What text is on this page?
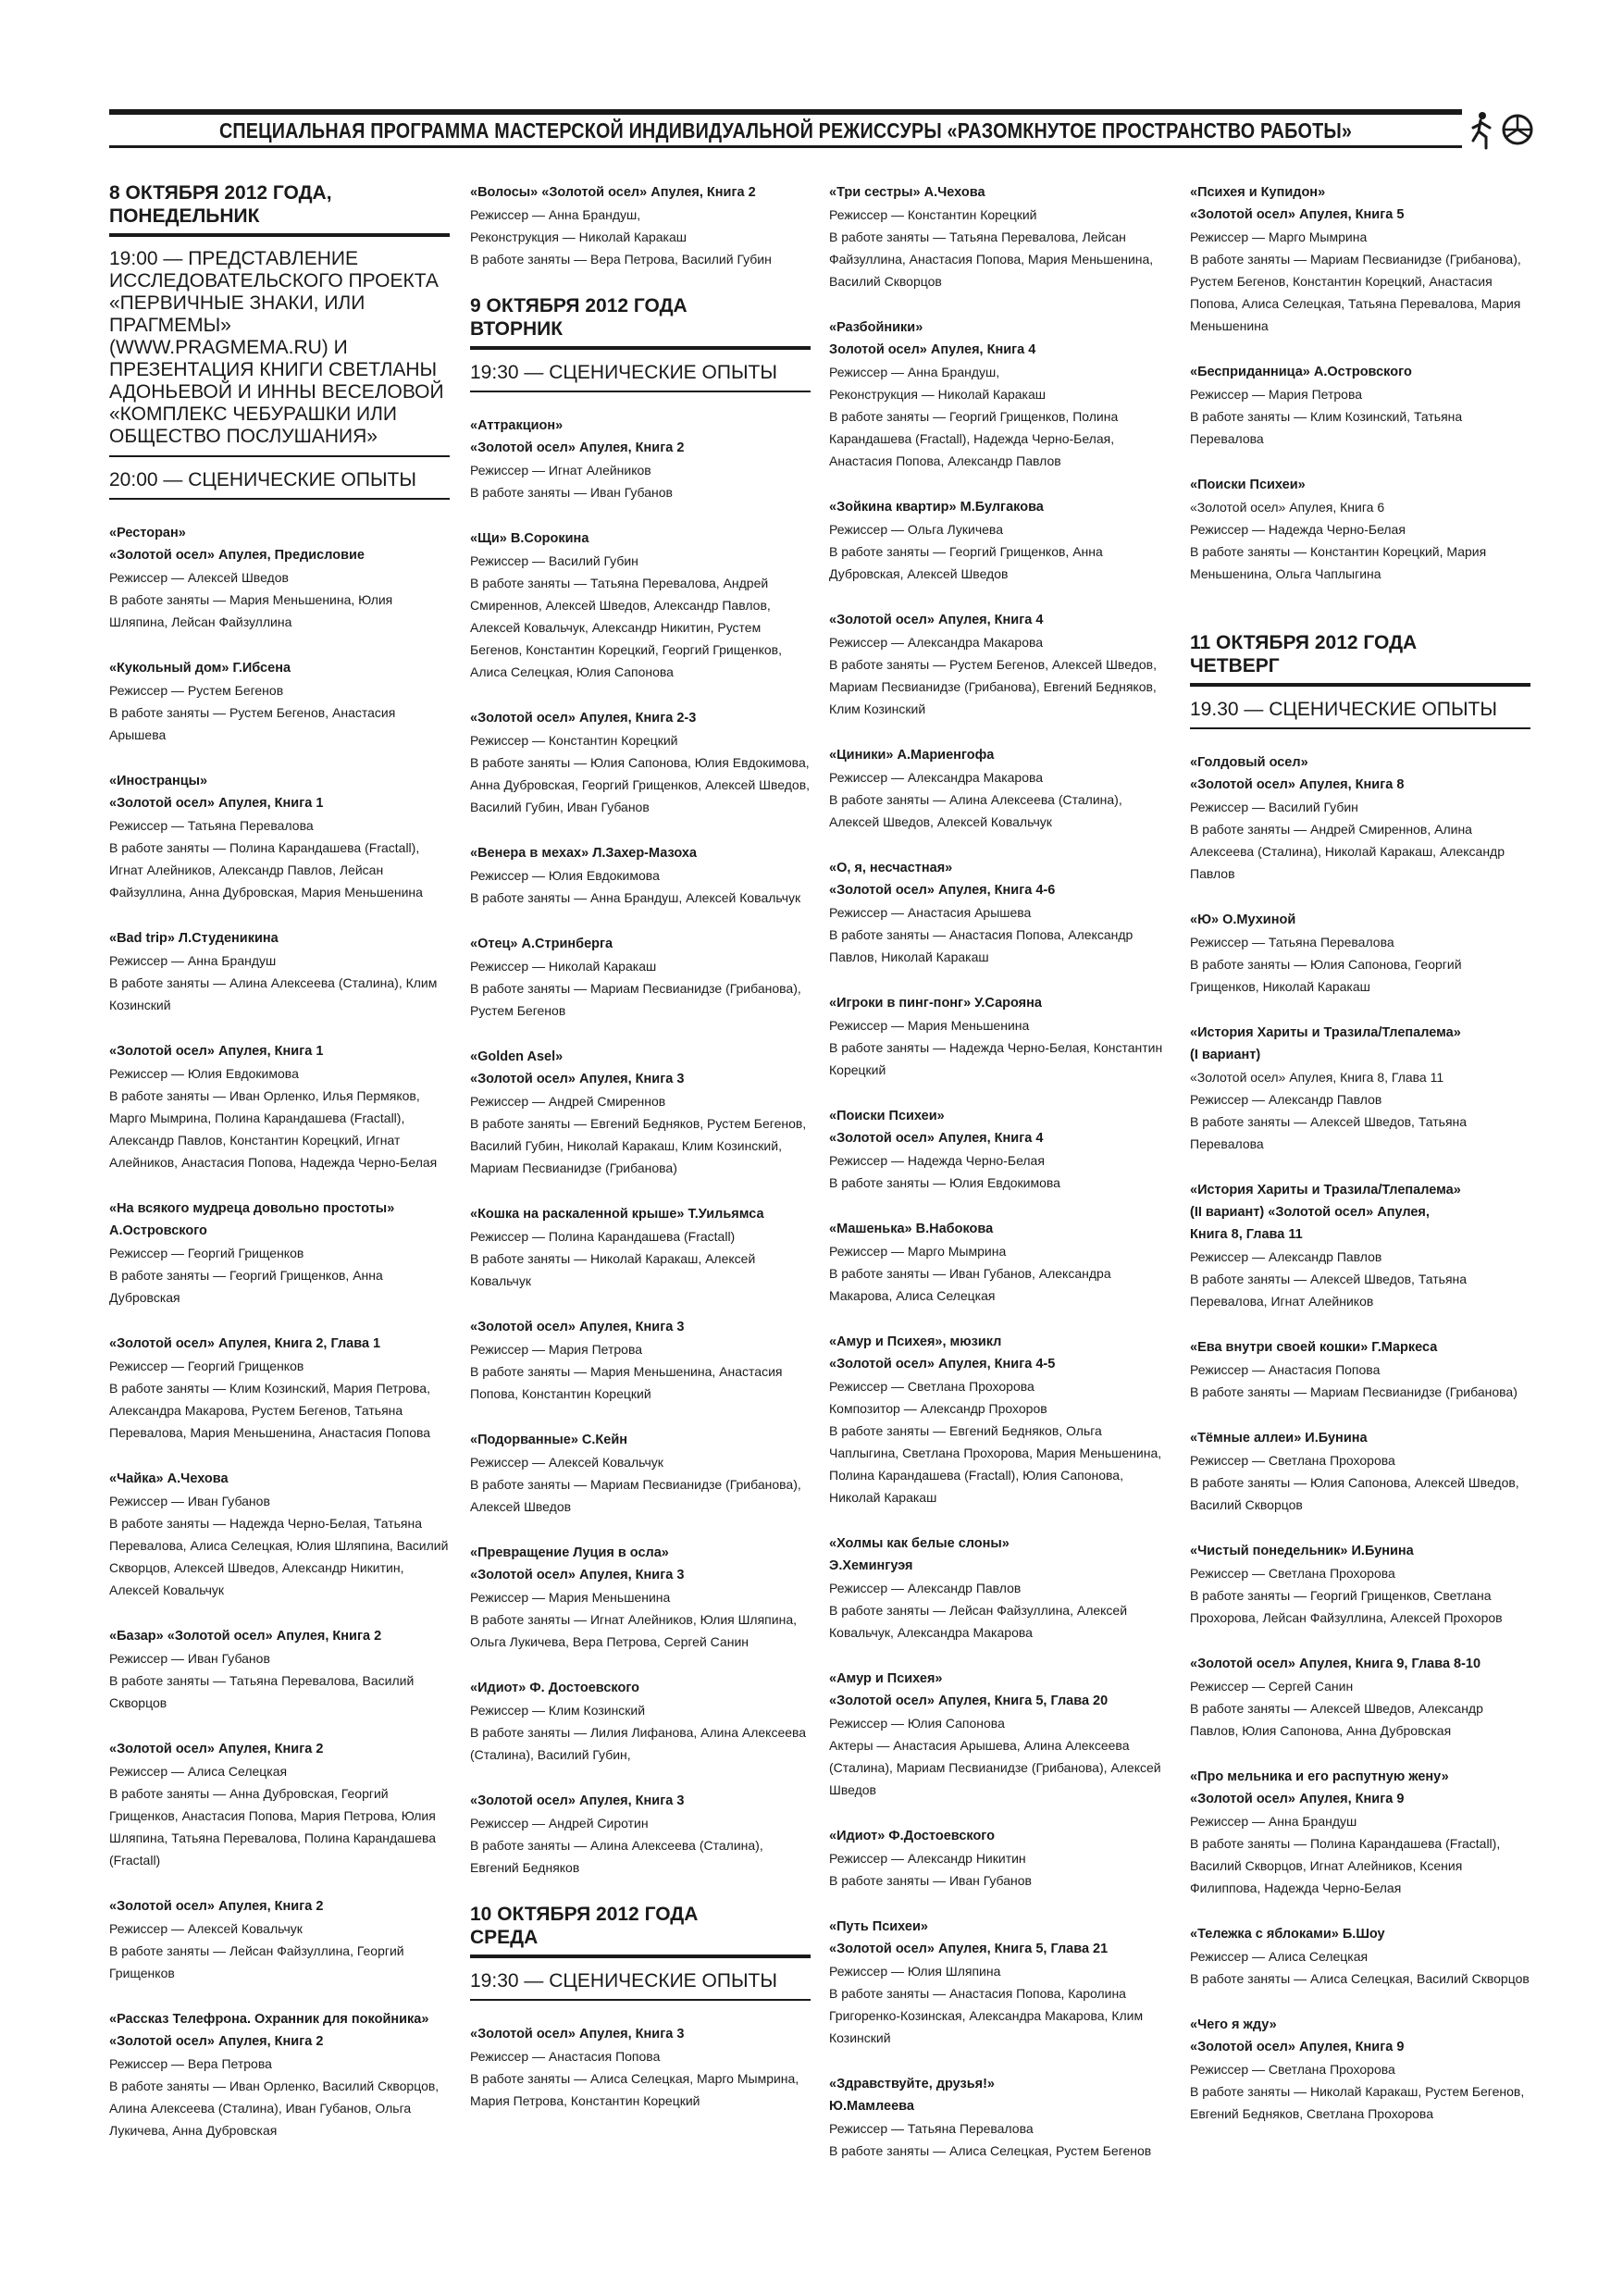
СПЕЦИАЛЬНАЯ ПРОГРАММА МАСТЕРСКОЙ ИНДИВИДУАЛЬНОЙ РЕЖИССУРЫ «РАЗОМКНУТОЕ ПРОСТРАНСТВО РАБОТЫ»
8 ОКТЯБРЯ 2012 ГОДА,
ПОНЕДЕЛЬНИК
19:00 — ПРЕДСТАВЛЕНИЕ ИССЛЕДОВАТЕЛЬСКОГО ПРОЕКТА «ПЕРВИЧНЫЕ ЗНАКИ, ИЛИ ПРАГМЕМЫ» (WWW.PRAGMEMA.RU) И ПРЕЗЕНТАЦИЯ КНИГИ СВЕТЛАНЫ АДОНЬЕВОЙ И ИННЫ ВЕСЕЛОВОЙ «КОМПЛЕКС ЧЕБУРАШКИ ИЛИ ОБЩЕСТВО ПОСЛУШАНИЯ»
20:00 — СЦЕНИЧЕСКИЕ ОПЫТЫ
«Ресторан»
«Золотой осел» Апулея, Предисловие
Режиссер — Алексей Шведов
В работе заняты — Мария Меньшенина, Юлия Шляпина, Лейсан Файзуллина
«Кукольный дом» Г.Ибсена
Режиссер — Рустем Бегенов
В работе заняты — Рустем Бегенов, Анастасия Арышева
«Иностранцы»
«Золотой осел» Апулея, Книга 1
Режиссер — Татьяна Перевалова
В работе заняты — Полина Карандашева (Fractall), Игнат Алейников, Александр Павлов, Лейсан Файзуллина, Анна Дубровская, Мария Меньшенина
«Bad trip» Л.Студеникина
Режиссер — Анна Брандуш
В работе заняты — Алина Алексеева (Сталина), Клим Козинский
«Золотой осел» Апулея, Книга 1
Режиссер — Юлия Евдокимова
В работе заняты — Иван Орленко, Илья Пермяков, Марго Мымрина, Полина Карандашева (Fractall), Александр Павлов, Константин Корецкий, Игнат Алейников, Анастасия Попова, Надежда Черно-Белая
«На всякого мудреца довольно простоты»
А.Островского
Режиссер — Георгий Грищенков
В работе заняты — Георгий Грищенков, Анна Дубровская
«Золотой осел» Апулея, Книга 2, Глава 1
Режиссер — Георгий Грищенков
В работе заняты — Клим Козинский, Мария Петрова, Александра Макарова, Рустем Бегенов, Татьяна Перевалова, Мария Меньшенина, Анастасия Попова
«Чайка» А.Чехова
Режиссер — Иван Губанов
В работе заняты — Надежда Черно-Белая, Татьяна Перевалова, Алиса Селецкая, Юлия Шляпина, Василий Скворцов, Алексей Шведов, Александр Никитин, Алексей Ковальчук
«Базар» «Золотой осел» Апулея, Книга 2
Режиссер — Иван Губанов
В работе заняты — Татьяна Перевалова, Василий Скворцов
«Золотой осел» Апулея, Книга 2
Режиссер — Алиса Селецкая
В работе заняты — Анна Дубровская, Георгий Грищенков, Анастасия Попова, Мария Петрова, Юлия Шляпина, Татьяна Перевалова, Полина Карандашева (Fractall)
«Золотой осел» Апулея, Книга 2
Режиссер — Алексей Ковальчук
В работе заняты — Лейсан Файзуллина, Георгий Грищенков
«Рассказ Телефрона. Охранник для покойника» «Золотой осел» Апулея, Книга 2
Режиссер — Вера Петрова
В работе заняты — Иван Орленко, Василий Скворцов, Алина Алексеева (Сталина), Иван Губанов, Ольга Лукичева, Анна Дубровская
«Волосы» «Золотой осел» Апулея, Книга 2
Режиссер — Анна Брандуш,
Реконструкция — Николай Каракаш
В работе заняты — Вера Петрова, Василий Губин
9 ОКТЯБРЯ 2012 ГОДА
ВТОРНИК
19:30 — СЦЕНИЧЕСКИЕ ОПЫТЫ
«Аттракцион»
«Золотой осел» Апулея, Книга 2
Режиссер — Игнат Алейников
В работе заняты — Иван Губанов
«Щи» В.Сорокина
Режиссер — Василий Губин
В работе заняты — Татьяна Перевалова, Андрей Смиреннов, Алексей Шведов, Александр Павлов, Алексей Ковальчук, Александр Никитин, Рустем Бегенов, Константин Корецкий, Георгий Грищенков, Алиса Селецкая, Юлия Сапонова
«Золотой осел» Апулея, Книга 2-3
Режиссер — Константин Корецкий
В работе заняты — Юлия Сапонова, Юлия Евдокимова, Анна Дубровская, Георгий Грищенков, Алексей Шведов, Василий Губин, Иван Губанов
«Венера в мехах» Л.Захер-Мазоха
Режиссер — Юлия Евдокимова
В работе заняты — Анна Брандуш, Алексей Ковальчук
«Отец» А.Стринберга
Режиссер — Николай Каракаш
В работе заняты — Мариам Песвианидзе (Грибанова), Рустем Бегенов
«Golden Asel»
«Золотой осел» Апулея, Книга 3
Режиссер — Андрей Смиреннов
В работе заняты — Евгений Бедняков, Рустем Бегенов, Василий Губин, Николай Каракаш, Клим Козинский, Мариам Песвианидзе (Грибанова)
«Кошка на раскаленной крыше» Т.Уильямса
Режиссер — Полина Карандашева (Fractall)
В работе заняты — Николай Каракаш, Алексей Ковальчук
«Золотой осел» Апулея, Книга 3
Режиссер — Мария Петрова
В работе заняты — Мария Меньшенина, Анастасия Попова, Константин Корецкий
«Подорванные» С.Кейн
Режиссер — Алексей Ковальчук
В работе заняты — Мариам Песвианидзе (Грибанова), Алексей Шведов
«Превращение Луция в осла»
«Золотой осел» Апулея, Книга 3
Режиссер — Мария Меньшенина
В работе заняты — Игнат Алейников, Юлия Шляпина, Ольга Лукичева, Вера Петрова, Сергей Санин
«Идиот» Ф. Достоевского
Режиссер — Клим Козинский
В работе заняты — Лилия Лифанова, Алина Алексеева (Сталина), Василий Губин,
«Золотой осел» Апулея, Книга 3
Режиссер — Андрей Сиротин
В работе заняты — Алина Алексеева (Сталина), Евгений Бедняков
10 ОКТЯБРЯ 2012 ГОДА
СРЕДА
19:30 — СЦЕНИЧЕСКИЕ ОПЫТЫ
«Золотой осел» Апулея, Книга 3
Режиссер — Анастасия Попова
В работе заняты — Алиса Селецкая, Марго Мымрина, Мария Петрова, Константин Корецкий
«Три сестры» А.Чехова
Режиссер — Константин Корецкий
В работе заняты — Татьяна Перевалова, Лейсан Файзуллина, Анастасия Попова, Мария Меньшенина, Василий Скворцов
«Разбойники»
Золотой осел» Апулея, Книга 4
Режиссер — Анна Брандуш,
Реконструкция — Николай Каракаш
В работе заняты — Георгий Грищенков, Полина Карандашева (Fractall), Надежда Черно-Белая, Анастасия Попова, Александр Павлов
«Зойкина квартир» М.Булгакова
Режиссер — Ольга Лукичева
В работе заняты — Георгий Грищенков, Анна Дубровская, Алексей Шведов
«Золотой осел» Апулея, Книга 4
Режиссер — Александра Макарова
В работе заняты — Рустем Бегенов, Алексей Шведов, Мариам Песвианидзе (Грибанова), Евгений Бедняков, Клим Козинский
«Циники» А.Мариенгофа
Режиссер — Александра Макарова
В работе заняты — Алина Алексеева (Сталина), Алексей Шведов, Алексей Ковальчук
«О, я, несчастная»
«Золотой осел» Апулея, Книга 4-6
Режиссер — Анастасия Арышева
В работе заняты — Анастасия Попова, Александр Павлов, Николай Каракаш
«Игроки в пинг-понг» У.Сарояна
Режиссер — Мария Меньшенина
В работе заняты — Надежда Черно-Белая, Константин Корецкий
«Поиски Психеи»
«Золотой осел» Апулея, Книга 4
Режиссер — Надежда Черно-Белая
В работе заняты — Юлия Евдокимова
«Машенька» В.Набокова
Режиссер — Марго Мымрина
В работе заняты — Иван Губанов, Александра Макарова, Алиса Селецкая
«Амур и Психея», мюзикл
«Золотой осел» Апулея, Книга 4-5
Режиссер — Светлана Прохорова
Композитор — Александр Прохоров
В работе заняты — Евгений Бедняков, Ольга Чаплыгина, Светлана Прохорова, Мария Меньшенина, Полина Карандашева (Fractall), Юлия Сапонова, Николай Каракаш
«Холмы как белые слоны»
Э.Хемингуэя
Режиссер — Александр Павлов
В работе заняты — Лейсан Файзуллина, Алексей Ковальчук, Александра Макарова
«Амур и Психея»
«Золотой осел» Апулея, Книга 5, Глава 20
Режиссер — Юлия Сапонова
Актеры — Анастасия Арышева, Алина Алексеева (Сталина), Мариам Песвианидзе (Грибанова), Алексей Шведов
«Идиот» Ф.Достоевского
Режиссер — Александр Никитин
В работе заняты — Иван Губанов
«Путь Психеи»
«Золотой осел» Апулея, Книга 5, Глава 21
Режиссер — Юлия Шляпина
В работе заняты — Анастасия Попова, Каролина Григоренко-Козинская, Александра Макарова, Клим Козинский
«Здравствуйте, друзья!»
Ю.Мамлеева
Режиссер — Татьяна Перевалова
В работе заняты — Алиса Селецкая, Рустем Бегенов
«Психея и Купидон»
«Золотой осел» Апулея, Книга 5
Режиссер — Марго Мымрина
В работе заняты — Мариам Песвианидзе (Грибанова), Рустем Бегенов, Константин Корецкий, Анастасия Попова, Алиса Селецкая, Татьяна Перевалова, Мария Меньшенина
«Бесприданница» А.Островского
Режиссер — Мария Петрова
В работе заняты — Клим Козинский, Татьяна Перевалова
«Поиски Психеи»
«Золотой осел» Апулея, Книга 6
Режиссер — Надежда Черно-Белая
В работе заняты — Константин Корецкий, Мария Меньшенина, Ольга Чаплыгина
11 ОКТЯБРЯ 2012 ГОДА
ЧЕТВЕРГ
19.30 — СЦЕНИЧЕСКИЕ ОПЫТЫ
«Голдовый осел»
«Золотой осел» Апулея, Книга 8
Режиссер — Василий Губин
В работе заняты — Андрей Смиреннов, Алина Алексеева (Сталина), Николай Каракаш, Александр Павлов
«Ю» О.Мухиной
Режиссер — Татьяна Перевалова
В работе заняты — Юлия Сапонова, Георгий Грищенков, Николай Каракаш
«История Хариты и Тразила/Тлепалема»
(I вариант)
«Золотой осел» Апулея, Книга 8, Глава 11
Режиссер — Александр Павлов
В работе заняты — Алексей Шведов, Татьяна Перевалова
«История Хариты и Тразила/Тлепалема»
(II вариант) «Золотой осел» Апулея,
Книга 8, Глава 11
Режиссер — Александр Павлов
В работе заняты — Алексей Шведов, Татьяна Перевалова, Игнат Алейников
«Ева внутри своей кошки» Г.Маркеса
Режиссер — Анастасия Попова
В работе заняты — Мариам Песвианидзе (Грибанова)
«Тёмные аллеи» И.Бунина
Режиссер — Светлана Прохорова
В работе заняты — Юлия Сапонова, Алексей Шведов, Василий Скворцов
«Чистый понедельник» И.Бунина
Режиссер — Светлана Прохорова
В работе заняты — Георгий Грищенков, Светлана Прохорова, Лейсан Файзуллина, Алексей Прохоров
«Золотой осел» Апулея, Книга 9, Глава 8-10
Режиссер — Сергей Санин
В работе заняты — Алексей Шведов, Александр Павлов, Юлия Сапонова, Анна Дубровская
«Про мельника и его распутную жену»
«Золотой осел» Апулея, Книга 9
Режиссер — Анна Брандуш
В работе заняты — Полина Карандашева (Fractall), Василий Скворцов, Игнат Алейников, Ксения Филиппова, Надежда Черно-Белая
«Тележка с яблоками» Б.Шоу
Режиссер — Алиса Селецкая
В работе заняты — Алиса Селецкая, Василий Скворцов
«Чего я жду»
«Золотой осел» Апулея, Книга 9
Режиссер — Светлана Прохорова
В работе заняты — Николай Каракаш, Рустем Бегенов, Евгений Бедняков, Светлана Прохорова
